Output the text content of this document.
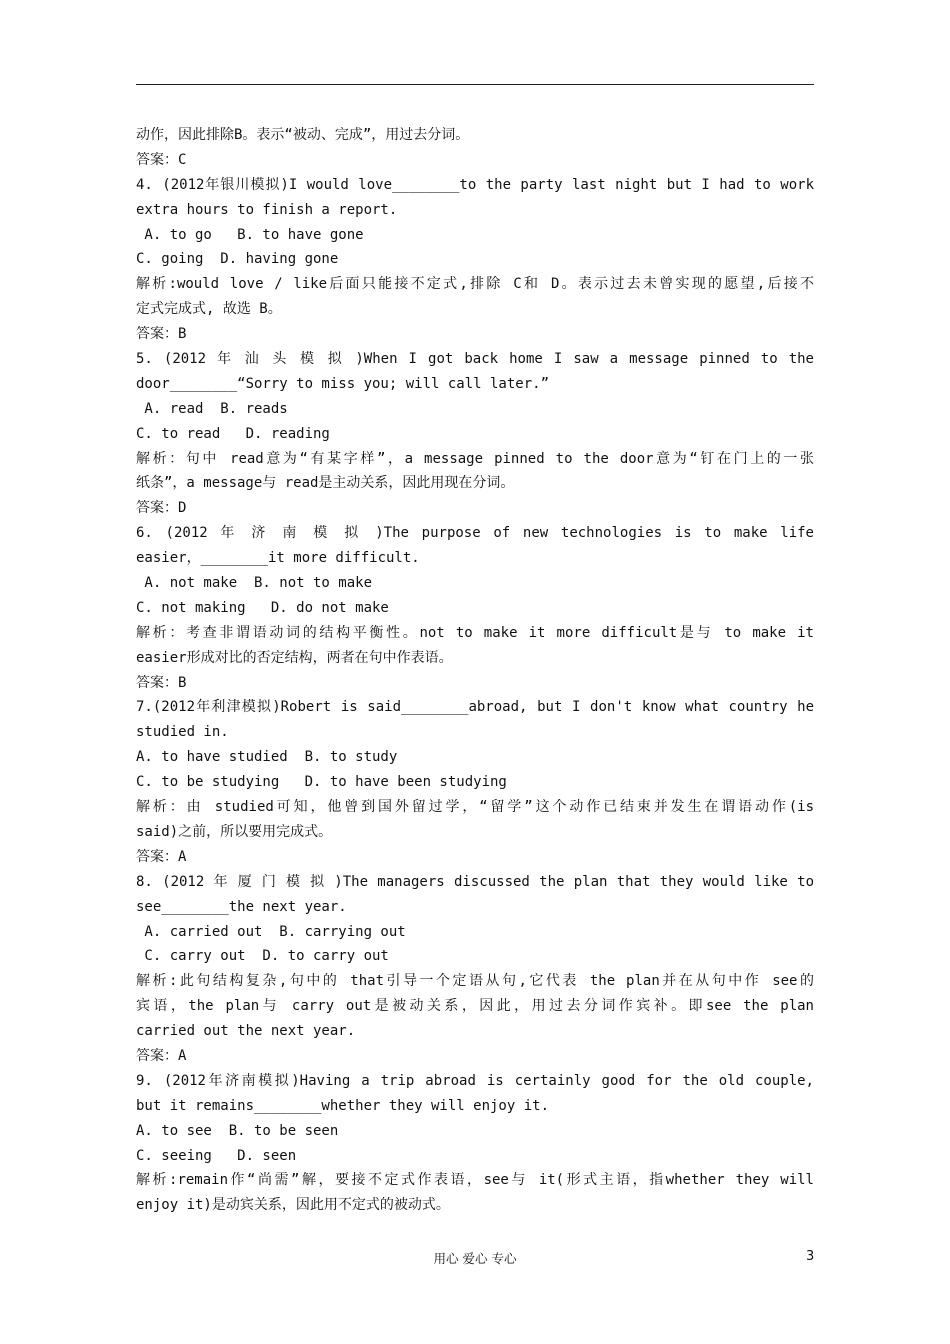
动作，因此排除B。表示“被动、完成”，用过去分词。
答案：C
4. (2012年银川模拟)I would love________to the party last night but I had to work
extra hours to finish a report.
A. to go   B. to have gone
C. going  D. having gone
解析:would love / like后面只能接不定式,排除 C和 D。表示过去未曾实现的愿望,后接不
定式完成式, 故选 B。
答案：B
5. (2012 年 汕 头 模 拟 )When I got back home I saw a message pinned to the
door________“Sorry to miss you; will call later.”
A. read  B. reads
C. to read   D. reading
解析：句中 read意为“有某字样”，a message pinned to the door意为“钉在门上的一张
纸条”，a message与 read是主动关系，因此用现在分词。
答案：D
6. (2012 年 济 南 模 拟 )The purpose of new technologies is to make life
easier，________it more difficult.
A. not make  B. not to make
C. not making   D. do not make
解析：考查非谓语动词的结构平衡性。not to make it more difficult是与 to make it
easier形成对比的否定结构，两者在句中作表语。
答案：B
7.(2012年利津模拟)Robert is said________abroad, but I don't know what country he
studied in.
A. to have studied  B. to study
C. to be studying   D. to have been studying
解析：由 studied可知，他曾到国外留过学，“留学”这个动作已结束并发生在谓语动作(is
said)之前，所以要用完成式。
答案：A
8. (2012 年 厦 门 模 拟 )The managers discussed the plan that they would like to
see________the next year.
A. carried out  B. carrying out
C. carry out  D. to carry out
解析:此句结构复杂,句中的 that引导一个定语从句,它代表 the plan并在从句中作 see的
宾语，the plan与 carry out是被动关系，因此，用过去分词作宾补。即see the plan
carried out the next year.
答案：A
9. (2012年济南模拟)Having a trip abroad is certainly good for the old couple,
but it remains________whether they will enjoy it.
A. to see  B. to be seen
C. seeing   D. seen
解析:remain作“尚需”解，要接不定式作表语，see与 it(形式主语，指whether they will
enjoy it)是动宾关系，因此用不定式的被动式。
用心 爱心 专心	3
